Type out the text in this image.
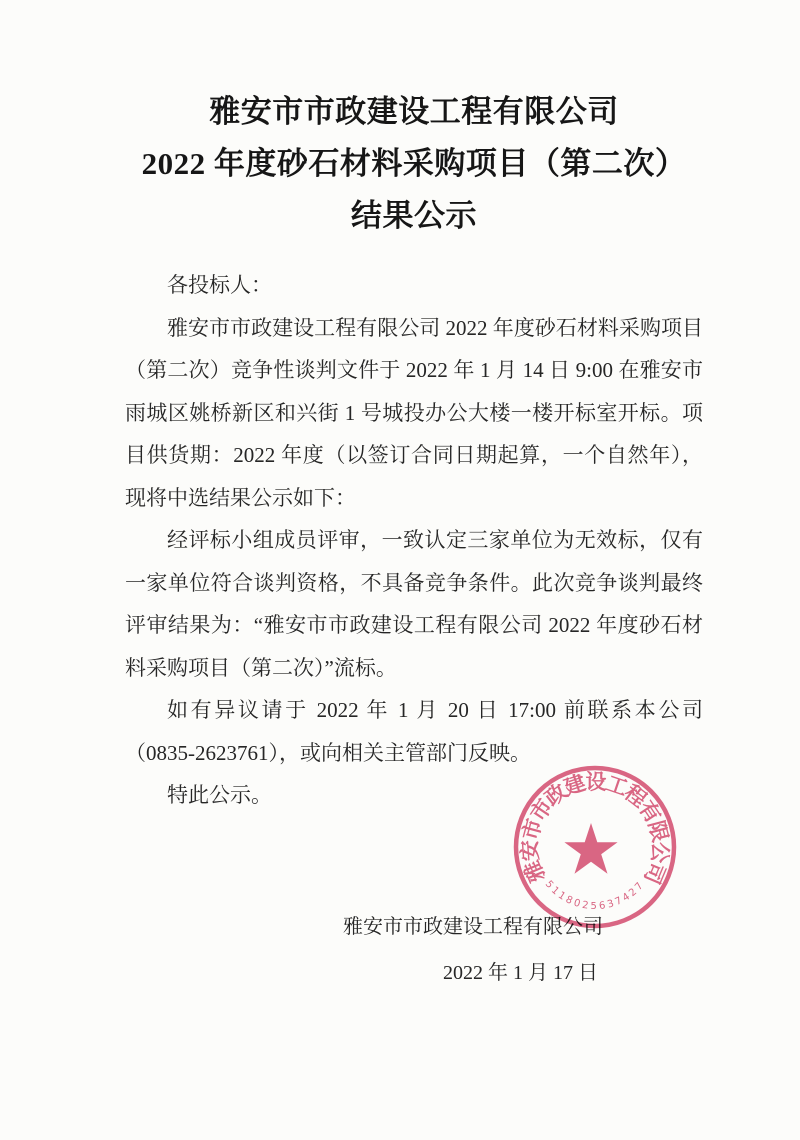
雅安市市政建设工程有限公司
2022 年度砂石材料采购项目（第二次）
结果公示

各投标人：

雅安市市政建设工程有限公司 2022 年度砂石材料采购项目（第二次）竞争性谈判文件于 2022 年 1 月 14 日 9:00 在雅安市雨城区姚桥新区和兴街 1 号城投办公大楼一楼开标室开标。项目供货期：2022 年度（以签订合同日期起算，一个自然年），现将中选结果公示如下：

经评标小组成员评审，一致认定三家单位为无效标，仅有一家单位符合谈判资格，不具备竞争条件。此次竞争谈判最终评审结果为：“雅安市市政建设工程有限公司 2022 年度砂石材料采购项目（第二次）”流标。

如有异议请于 2022 年 1 月 20 日 17:00 前联系本公司（0835-2623761），或向相关主管部门反映。

特此公示。

雅安市市政建设工程有限公司
2022 年 1 月 17 日
雅安市市政建设工程有限公司
5118025637427
